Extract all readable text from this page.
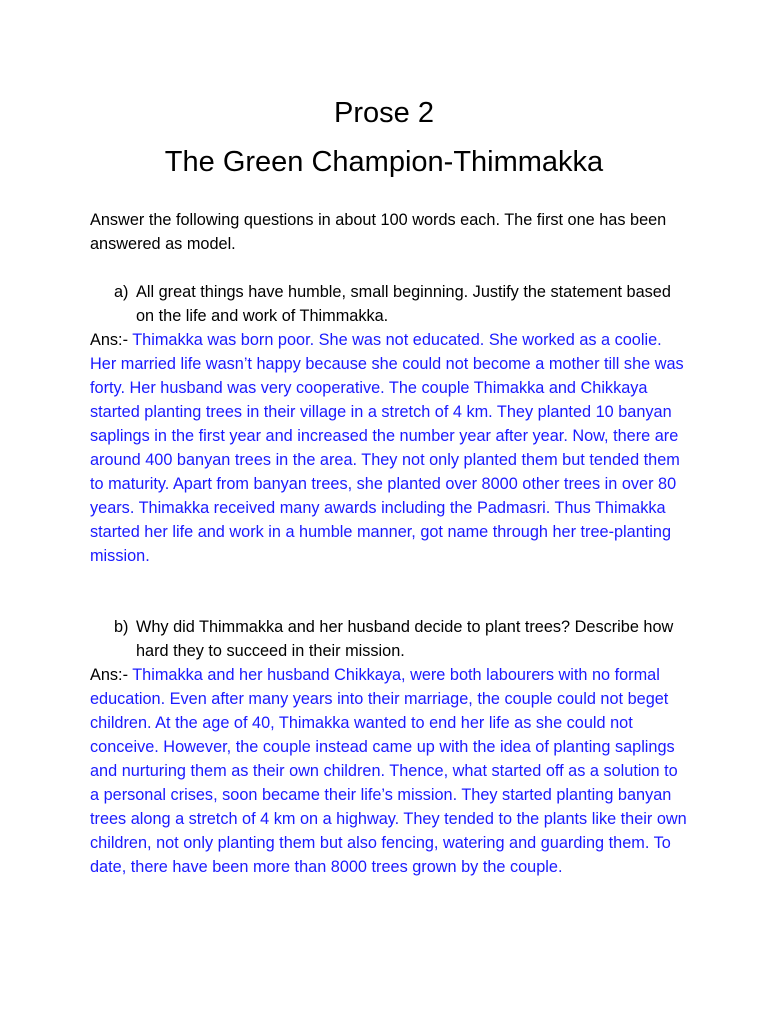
Prose 2
The Green Champion-Thimmakka
Answer the following questions in about 100 words each. The first one has been answered as model.
a) All great things have humble, small beginning. Justify the statement based on the life and work of Thimmakka.
Ans:- Thimakka was born poor. She was not educated. She worked as a coolie. Her married life wasn’t happy because she could not become a mother till she was forty. Her husband was very cooperative. The couple Thimakka and Chikkaya started planting trees in their village in a stretch of 4 km. They planted 10 banyan saplings in the first year and increased the number year after year. Now, there are around 400 banyan trees in the area. They not only planted them but tended them to maturity. Apart from banyan trees, she planted over 8000 other trees in over 80 years. Thimakka received many awards including the Padmasri. Thus Thimakka started her life and work in a humble manner, got name through her tree-planting mission.
b) Why did Thimmakka and her husband decide to plant trees? Describe how hard they to succeed in their mission.
Ans:- Thimakka and her husband Chikkaya, were both labourers with no formal education. Even after many years into their marriage, the couple could not beget children. At the age of 40, Thimakka wanted to end her life as she could not conceive. However, the couple instead came up with the idea of planting saplings and nurturing them as their own children. Thence, what started off as a solution to a personal crises, soon became their life’s mission. They started planting banyan trees along a stretch of 4 km on a highway. They tended to the plants like their own children, not only planting them but also fencing, watering and guarding them. To date, there have been more than 8000 trees grown by the couple.
